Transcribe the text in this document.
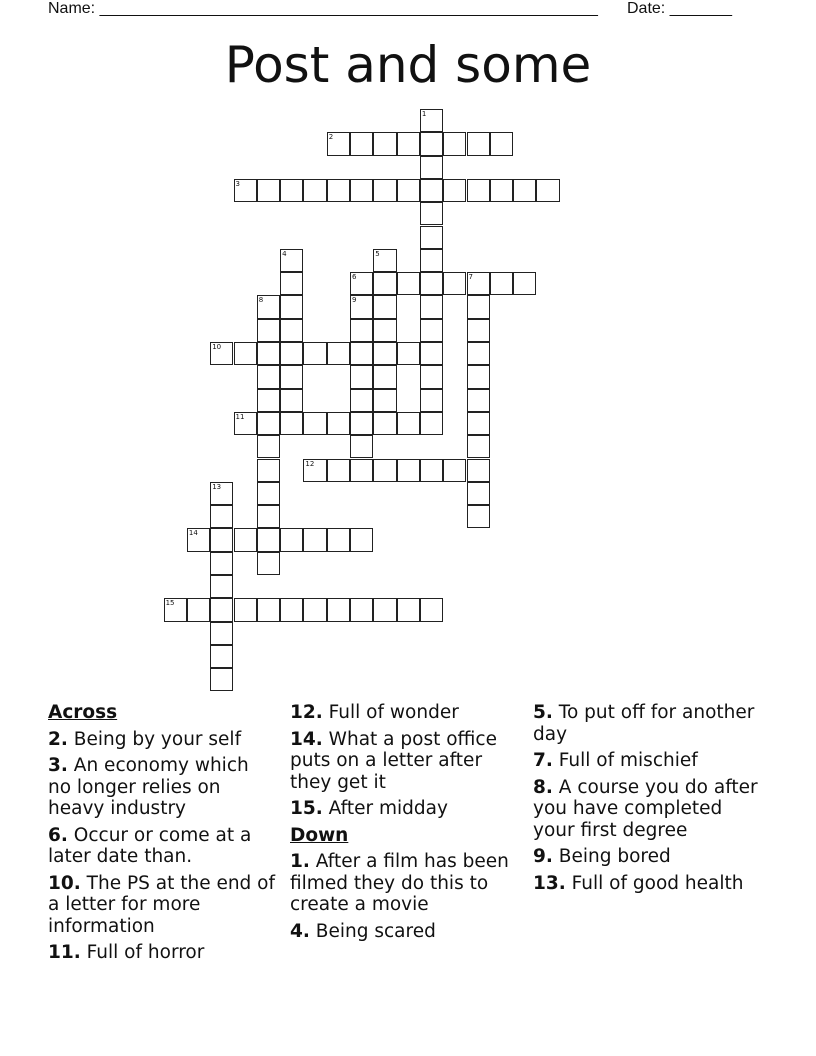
Name: ________________________________________________________ Date: _______
Post and some
1
2
3
4	5
6	7
8	9
10
11
12
13
14
15
Across
2. Being by your self
3. An economy which no longer relies on heavy industry
6. Occur or come at a later date than.
10. The PS at the end of a letter for more information
11. Full of horror
12. Full of wonder
14. What a post office puts on a letter after they get it
15. After midday
Down
1. After a film has been filmed they do this to create a movie
4. Being scared
5. To put off for another day
7. Full of mischief
8. A course you do after you have completed your first degree
9. Being bored
13. Full of good health
